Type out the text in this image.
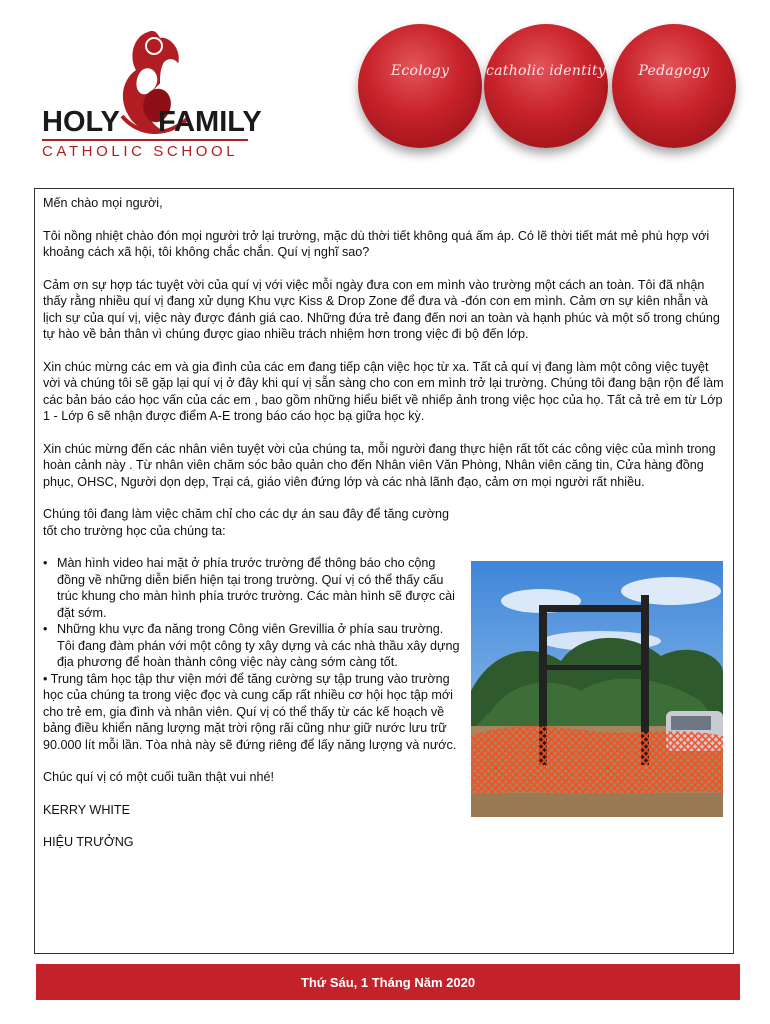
HOLY FAMILY
CATHOLIC SCHOOL
Ecology	catholic identity Pedagogy

Mến chào mọi người,

Tôi nồng nhiệt chào đón mọi người trở lại trường, mặc dù thời tiết không quá ấm áp. Có lẽ thời tiết mát mẻ phù hợp với khoảng cách xã hội, tôi không chắc chắn. Quí vị nghĩ sao?

Cảm ơn sự hợp tác tuyệt vời của quí vị với việc mỗi ngày đưa con em mình vào trường một cách an toàn. Tôi đã nhận thấy rằng nhiều quí vị đang xử dụng Khu vực Kiss & Drop Zone để đưa và -đón con em mình. Cảm ơn sự kiên nhẫn và lịch sự của quí vị, việc này được đánh giá cao. Những đứa trẻ đang đến nơi an toàn và hạnh phúc và một số trong chúng tự hào về bản thân vì chúng được giao nhiều trách nhiệm hơn trong việc đi bộ đến lớp.

Xin chúc mừng các em và gia đình của các em đang tiếp cận việc học từ xa. Tất cả quí vị đang làm một công việc tuyệt vời và chúng tôi sẽ gặp lại quí vị ở đây khi quí vị sẵn sàng cho con em mình trở lại trường. Chúng tôi đang bận rộn để làm các bản báo cáo học vấn của các em , bao gồm những hiểu biết về nhiếp ảnh trong việc học của họ. Tất cả trẻ em từ Lớp 1 - Lớp 6 sẽ nhận được điểm A-E trong báo cáo học bạ giữa học kỳ.

Xin chúc mừng đến các nhân viên tuyệt vời của chúng ta, mỗi người đang thực hiện rất tốt các công việc của mình trong hoàn cảnh này . Từ nhân viên chăm sóc bảo quản cho đến Nhân viên Văn Phòng, Nhân viên căng tin, Cửa hàng đồng phục, OHSC, Người dọn dẹp, Trại cá, giáo viên đứng lớp và các nhà lãnh đạo, cảm ơn mọi người rất nhiều.

Chúng tôi đang làm việc chăm chỉ cho các dự án sau đây để tăng cường tốt cho trường học của chúng ta:

• Màn hình video hai mặt ở phía trước trường để thông báo cho cộng đồng về những diễn biến hiện tại trong trường. Quí vị có thể thấy cấu trúc khung cho màn hình phía trước trường. Các màn hình sẽ được cài đặt sớm.
• Những khu vực đa năng trong Công viên Grevillia ở phía sau trường. Tôi đang đàm phán với một công ty xây dựng và các nhà thầu xây dựng địa phương để hoàn thành công việc này càng sớm càng tốt.

• Trung tâm học tập thư viện mới để tăng cường sự tập trung vào trường học của chúng ta trong việc đọc và cung cấp rất nhiều cơ hội học tập mới cho trẻ em, gia đình và nhân viên. Quí vị có thể thấy từ các kế hoạch về bảng điều khiển năng lượng mặt trời rộng rãi cũng như giữ nước lưu trữ 90.000 lít mỗi lần. Tòa nhà này sẽ đứng riêng để lấy năng lượng và nước.

Chúc quí vị có một cuối tuần thật vui nhé!

KERRY WHITE

HIỆU TRƯỞNG

Thứ Sáu, 1 Tháng Năm 2020
